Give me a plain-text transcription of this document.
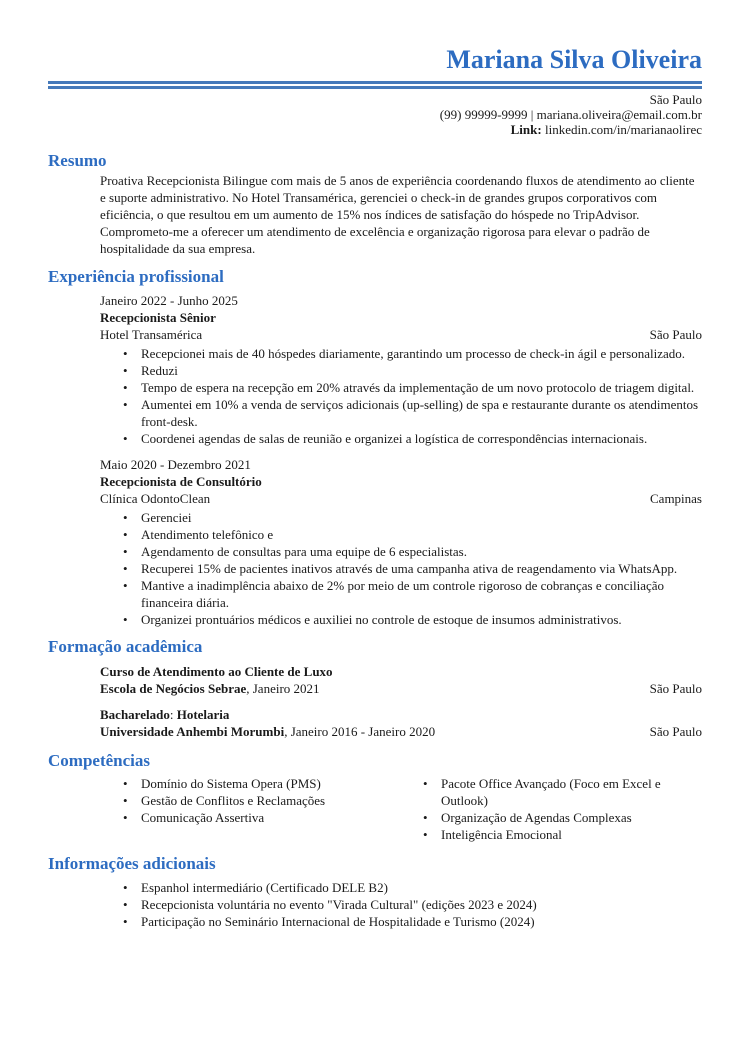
Mariana Silva Oliveira
São Paulo
(99) 99999-9999 | mariana.oliveira@email.com.br
Link: linkedin.com/in/marianaolirec
Resumo

Proativa Recepcionista Bilingue com mais de 5 anos de experiência coordenando fluxos de atendimento ao cliente e suporte administrativo. No Hotel Transamérica, gerenciei o check-in de grandes grupos corporativos com eficiência, o que resultou em um aumento de 15% nos índices de satisfação do hóspede no TripAdvisor. Comprometo-me a oferecer um atendimento de excelência e organização rigorosa para elevar o padrão de hospitalidade da sua empresa.

Experiência profissional
Janeiro 2022 - Junho 2025
Recepcionista Sênior
Hotel Transamérica	São Paulo
• Recepcionei mais de 40 hóspedes diariamente, garantindo um processo de check-in ágil e personalizado.
• Reduzi
• Tempo de espera na recepção em 20% através da implementação de um novo protocolo de triagem digital.
• Aumentei em 10% a venda de serviços adicionais (up-selling) de spa e restaurante durante os atendimentos front-desk.
• Coordenei agendas de salas de reunião e organizei a logística de correspondências internacionais.
Maio 2020 - Dezembro 2021
Recepcionista de Consultório
Clínica OdontoClean	Campinas
• Gerenciei
• Atendimento telefônico e
• Agendamento de consultas para uma equipe de 6 especialistas.
• Recuperei 15% de pacientes inativos através de uma campanha ativa de reagendamento via WhatsApp.
• Mantive a inadimplência abaixo de 2% por meio de um controle rigoroso de cobranças e conciliação financeira diária.
• Organizei prontuários médicos e auxiliei no controle de estoque de insumos administrativos.
Formação acadêmica
Curso de Atendimento ao Cliente de Luxo
Escola de Negócios Sebrae, Janeiro 2021	São Paulo
Bacharelado: Hotelaria
Universidade Anhembi Morumbi, Janeiro 2016 - Janeiro 2020	São Paulo
Competências
• Domínio do Sistema Opera (PMS)
• Gestão de Conflitos e Reclamações
• Comunicação Assertiva
• Pacote Office Avançado (Foco em Excel e Outlook)
• Organização de Agendas Complexas
• Inteligência Emocional
Informações adicionais
• Espanhol intermediário (Certificado DELE B2)
• Recepcionista voluntária no evento "Virada Cultural" (edições 2023 e 2024)
• Participação no Seminário Internacional de Hospitalidade e Turismo (2024)
